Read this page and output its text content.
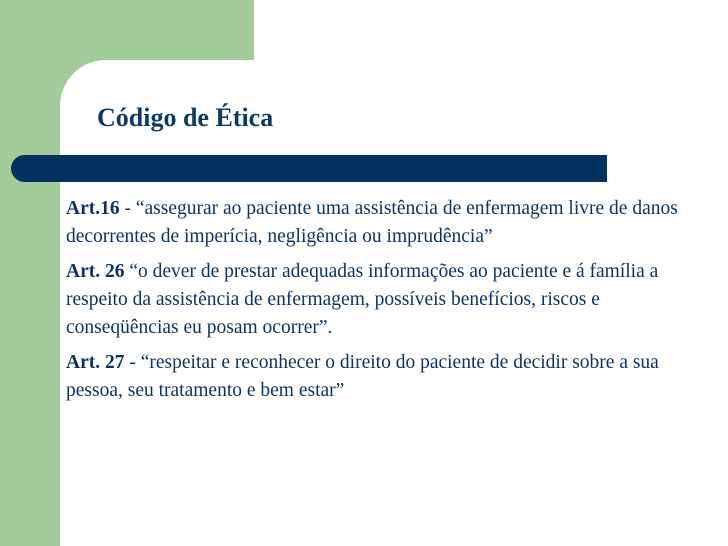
Código de Ética

Art.16 - “assegurar ao paciente uma assistência de enfermagem livre de danos decorrentes de imperícia, negligência ou imprudência”

Art. 26 “o dever de prestar adequadas informações ao paciente e á família a respeito da assistência de enfermagem, possíveis benefícios, riscos e conseqüências eu posam ocorrer”.

Art. 27 - “respeitar e reconhecer o direito do paciente de decidir sobre a sua pessoa, seu tratamento e bem estar”
